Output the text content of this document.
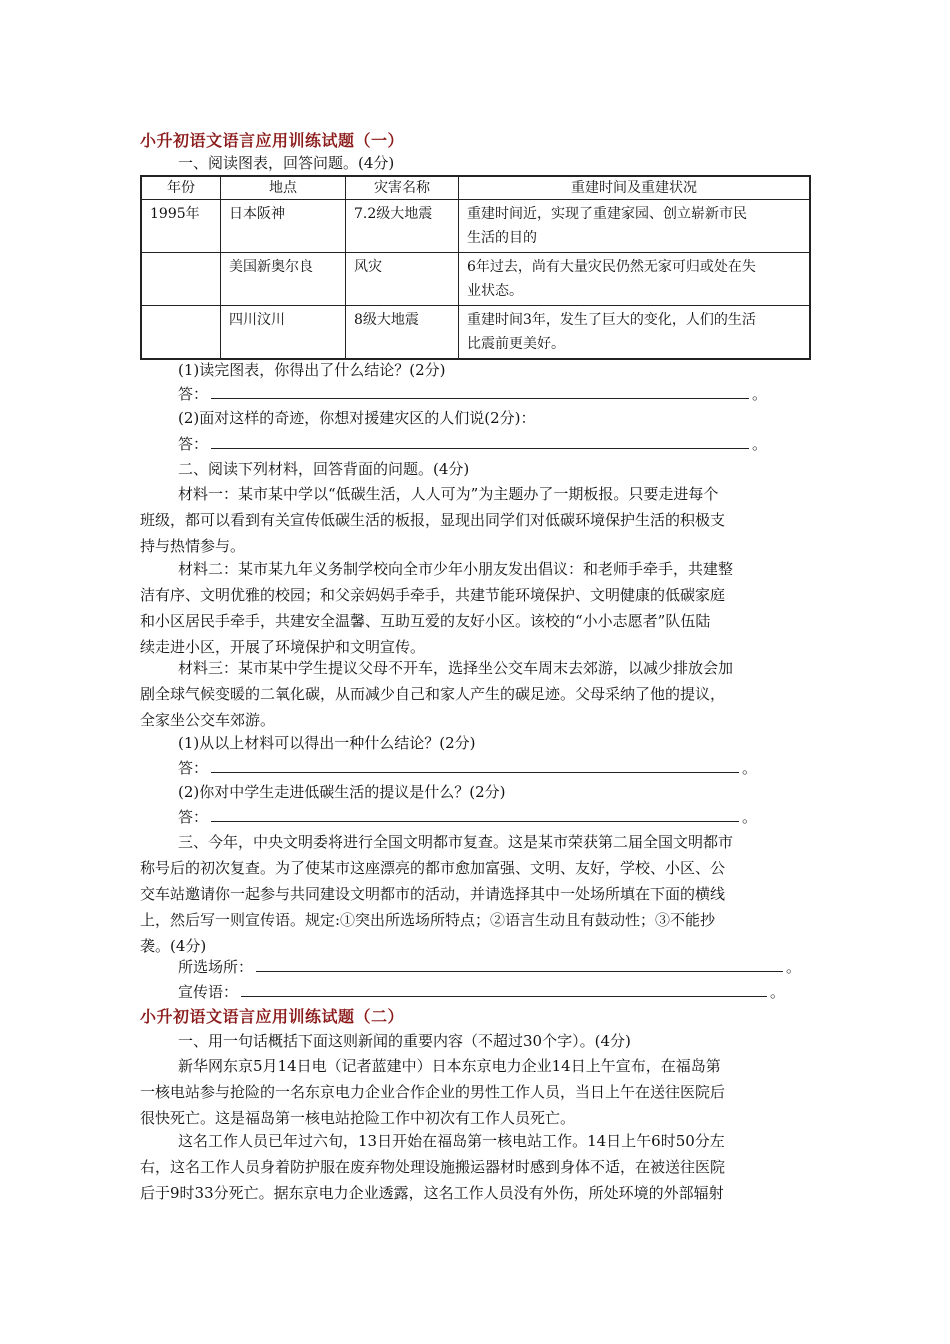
小升初语文语言应用训练试题（一）
一、阅读图表，回答问题。(4分)
年份	地点	灾害名称	重建时间及重建状况
1995年	日本阪神	7.2级大地震	重建时间近，实现了重建家园、创立崭新市民
生活的目的
	美国新奥尔良	风灾	6年过去，尚有大量灾民仍然无家可归或处在失
业状态。
	四川汶川	8级大地震	重建时间3年，发生了巨大的变化，人们的生活
比震前更美好。
(1)读完图表，你得出了什么结论？(2分)
答：	。
(2)面对这样的奇迹，你想对援建灾区的人们说(2分)：
答：	。
二、阅读下列材料，回答背面的问题。(4分)
材料一：某市某中学以“低碳生活，人人可为”为主题办了一期板报。只要走进每个
班级，都可以看到有关宣传低碳生活的板报，显现出同学们对低碳环境保护生活的积极支
持与热情参与。
材料二：某市某九年义务制学校向全市少年小朋友发出倡议：和老师手牵手，共建整
洁有序、文明优雅的校园；和父亲妈妈手牵手，共建节能环境保护、文明健康的低碳家庭
和小区居民手牵手，共建安全温馨、互助互爱的友好小区。该校的“小小志愿者”队伍陆
续走进小区，开展了环境保护和文明宣传。
材料三：某市某中学生提议父母不开车，选择坐公交车周末去郊游，以减少排放会加
剧全球气候变暖的二氧化碳，从而减少自己和家人产生的碳足迹。父母采纳了他的提议，
全家坐公交车郊游。
(1)从以上材料可以得出一种什么结论？(2分)
答：	。
(2)你对中学生走进低碳生活的提议是什么？(2分)
答：	。
三、今年，中央文明委将进行全国文明都市复查。这是某市荣获第二届全国文明都市
称号后的初次复查。为了使某市这座漂亮的都市愈加富强、文明、友好，学校、小区、公
交车站邀请你一起参与共同建设文明都市的活动，并请选择其中一处场所填在下面的横线
上，然后写一则宣传语。规定:①突出所选场所特点；②语言生动且有鼓动性；③不能抄
袭。(4分)
所选场所：	。
宣传语：	。
小升初语文语言应用训练试题（二）
一、用一句话概括下面这则新闻的重要内容（不超过30个字）。(4分)
新华网东京5月14日电（记者蓝建中）日本东京电力企业14日上午宣布，在福岛第
一核电站参与抢险的一名东京电力企业合作企业的男性工作人员，当日上午在送往医院后
很快死亡。这是福岛第一核电站抢险工作中初次有工作人员死亡。
这名工作人员已年过六旬，13日开始在福岛第一核电站工作。14日上午6时50分左
右，这名工作人员身着防护服在废弃物处理设施搬运器材时感到身体不适，在被送往医院
后于9时33分死亡。据东京电力企业透露，这名工作人员没有外伤，所处环境的外部辐射
